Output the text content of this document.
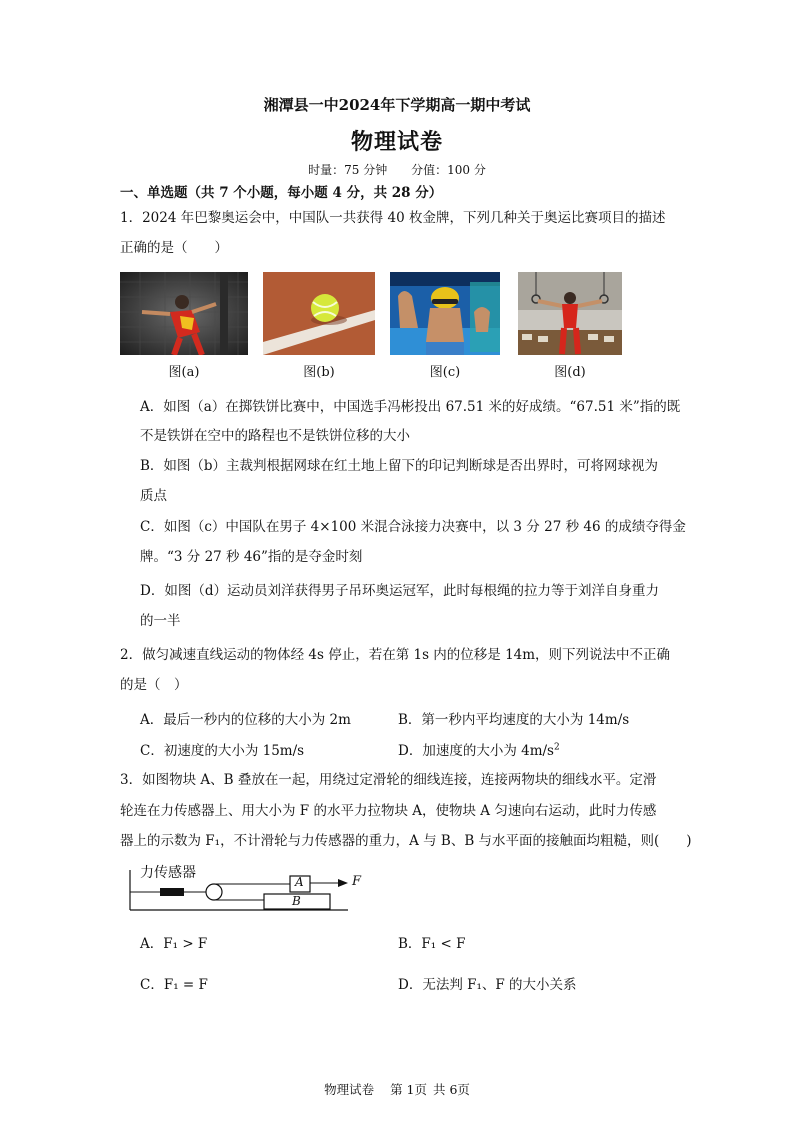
湘潭县一中2024年下学期高一期中考试
物理试卷
时量：75 分钟 分值：100 分
一、单选题（共 7 个小题，每小题 4 分，共 28 分）
1．2024 年巴黎奥运会中，中国队一共获得 40 枚金牌，下列几种关于奥运比赛项目的描述
正确的是（　　）
图(a)	图(b)	图(c)	图(d)
A．如图（a）在掷铁饼比赛中，中国选手冯彬投出 67.51 米的好成绩。“67.51 米”指的既
不是铁饼在空中的路程也不是铁饼位移的大小
B．如图（b）主裁判根据网球在红土地上留下的印记判断球是否出界时，可将网球视为
质点
C．如图（c）中国队在男子 4×100 米混合泳接力决赛中，以 3 分 27 秒 46 的成绩夺得金
牌。“3 分 27 秒 46”指的是夺金时刻
D．如图（d）运动员刘洋获得男子吊环奥运冠军，此时每根绳的拉力等于刘洋自身重力
的一半
2．做匀减速直线运动的物体经 4s 停止，若在第 1s 内的位移是 14m，则下列说法中不正确
的是（　）
A．最后一秒内的位移的大小为 2m	B．第一秒内平均速度的大小为 14m/s
C．初速度的大小为 15m/s	D．加速度的大小为 $4m/s^2$
3．如图物块 A、B 叠放在一起，用绕过定滑轮的细线连接，连接两物块的细线水平。定滑
轮连在力传感器上、用大小为 F 的水平力拉物块 A，使物块 A 匀速向右运动，此时力传感
器上的示数为 F₁，不计滑轮与力传感器的重力，A 与 B、B 与水平面的接触面均粗糙，则(　　)
力传感器
A
B
F
A．F₁ > F	B．F₁ < F
C．F₁ = F	D．无法判 F₁、F 的大小关系
物理试卷 第 1页 共 6页
